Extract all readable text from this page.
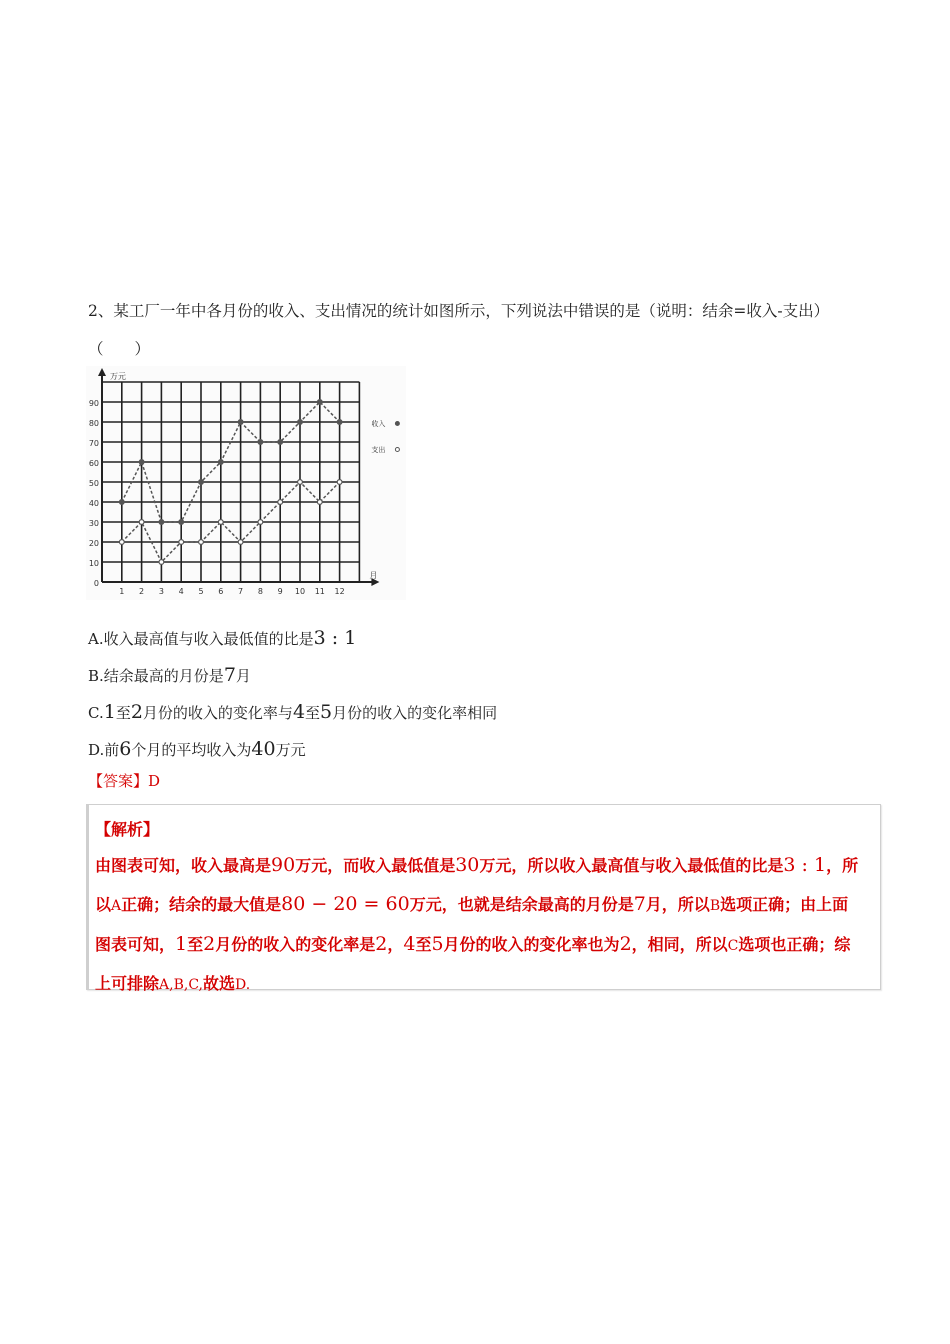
2、某工厂一年中各月份的收入、支出情况的统计如图所示，下列说法中错误的是（说明：结余=收入-支出）（　　）
0
10
20
30
40
50
60
70
80
90
1 2 3 4 5 6 7 8 9 10 11 12
万元
月
收入
支出
A.收入最高值与收入最低值的比是3 : 1
B.结余最高的月份是7月
C.1至2月份的收入的变化率与4至5月份的收入的变化率相同
D.前6个月的平均收入为40万元
【答案】D
【解析】
由图表可知，收入最高是90万元，而收入最低值是30万元，所以收入最高值与收入最低值的比是3 : 1，所
以A正确；结余的最大值是80 − 20 = 60万元，也就是结余最高的月份是7月，所以B选项正确；由上面
图表可知，1至2月份的收入的变化率是2，4至5月份的收入的变化率也为2，相同，所以C选项也正确；综
上可排除A,B,C,故选D.
